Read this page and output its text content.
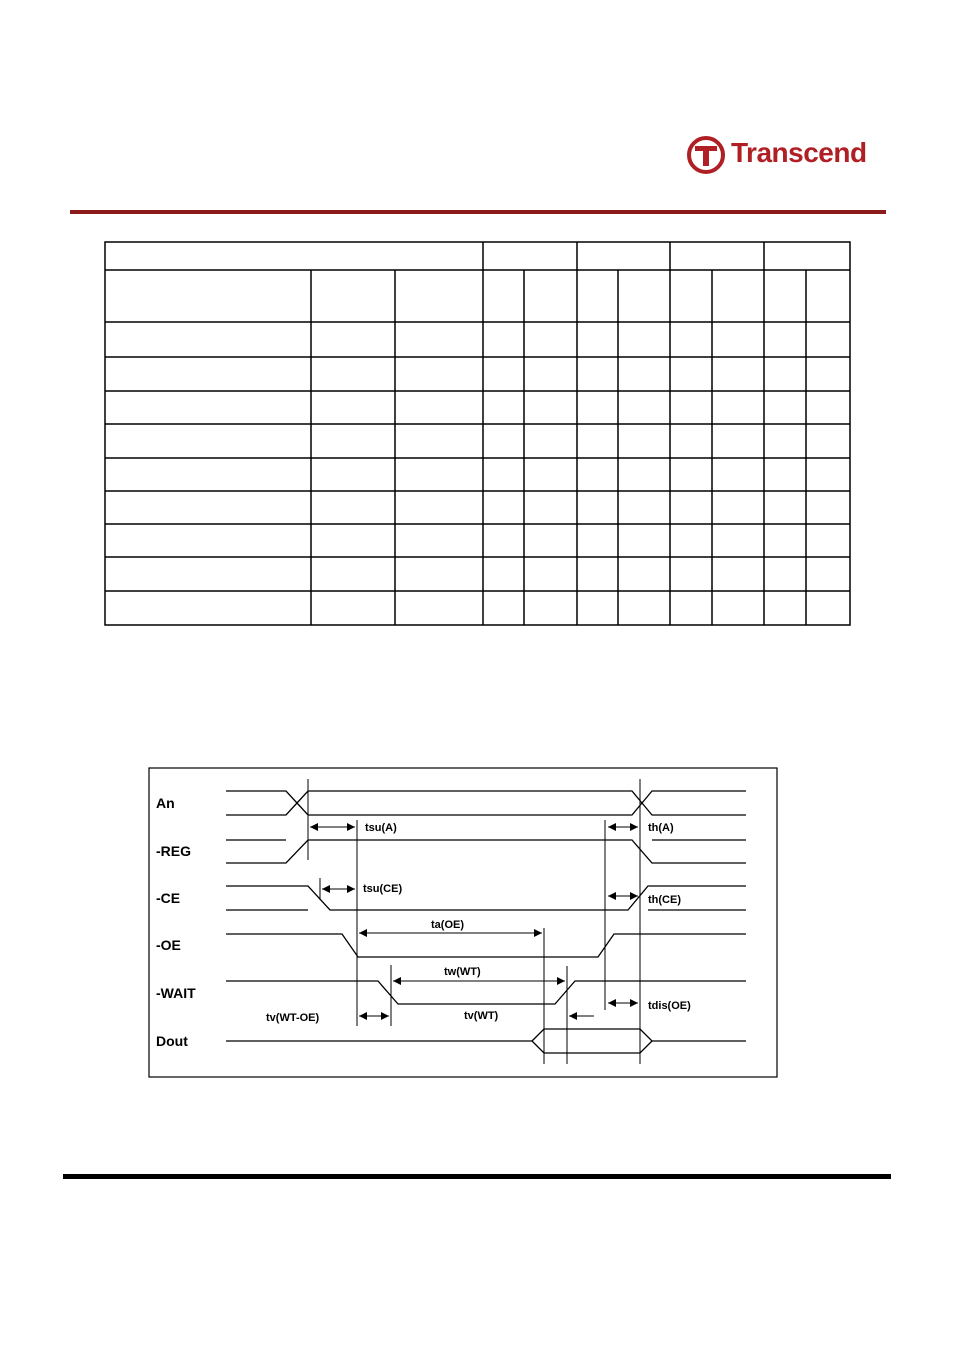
Transcend
An
-REG
-CE
-OE
-WAIT
Dout
tsu(A)	th(A)
tsu(CE)
th(CE)
ta(OE)
tw(WT)
tv(WT-OE)	tv(WT)
tdis(OE)
